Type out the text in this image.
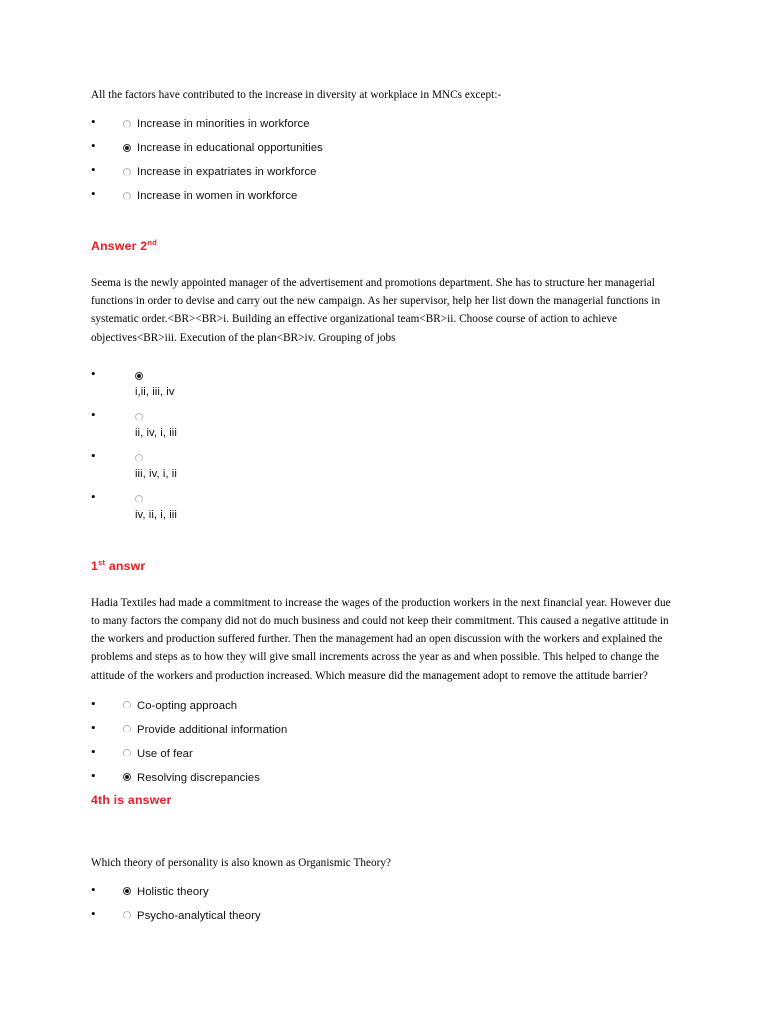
All the factors have contributed to the increase in diversity at workplace in MNCs except:-

•	Increase in minorities in workforce
•	Increase in educational opportunities
•	Increase in expatriates in workforce
•	Increase in women in workforce

Answer 2nd

Seema is the newly appointed manager of the advertisement and promotions department. She has to structure her managerial functions in order to devise and carry out the new campaign. As her supervisor, help her list down the managerial functions in systematic order.<BR><BR>i. Building an effective organizational team<BR>ii. Choose course of action to achieve objectives<BR>iii. Execution of the plan<BR>iv. Grouping of jobs

•
i,ii, iii, iv
•
ii, iv, i, iii
•
iii, iv, i, ii
•
iv, ii, i, iii

1st answr

Hadia Textiles had made a commitment to increase the wages of the production workers in the next financial year. However due to many factors the company did not do much business and could not keep their commitment. This caused a negative attitude in the workers and production suffered further. Then the management had an open discussion with the workers and explained the problems and steps as to how they will give small increments across the year as and when possible. This helped to change the attitude of the workers and production increased. Which measure did the management adopt to remove the attitude barrier?

•	Co-opting approach
•	Provide additional information
•	Use of fear
•	Resolving discrepancies

4th is answer

Which theory of personality is also known as Organismic Theory?

•	Holistic theory
•	Psycho-analytical theory
